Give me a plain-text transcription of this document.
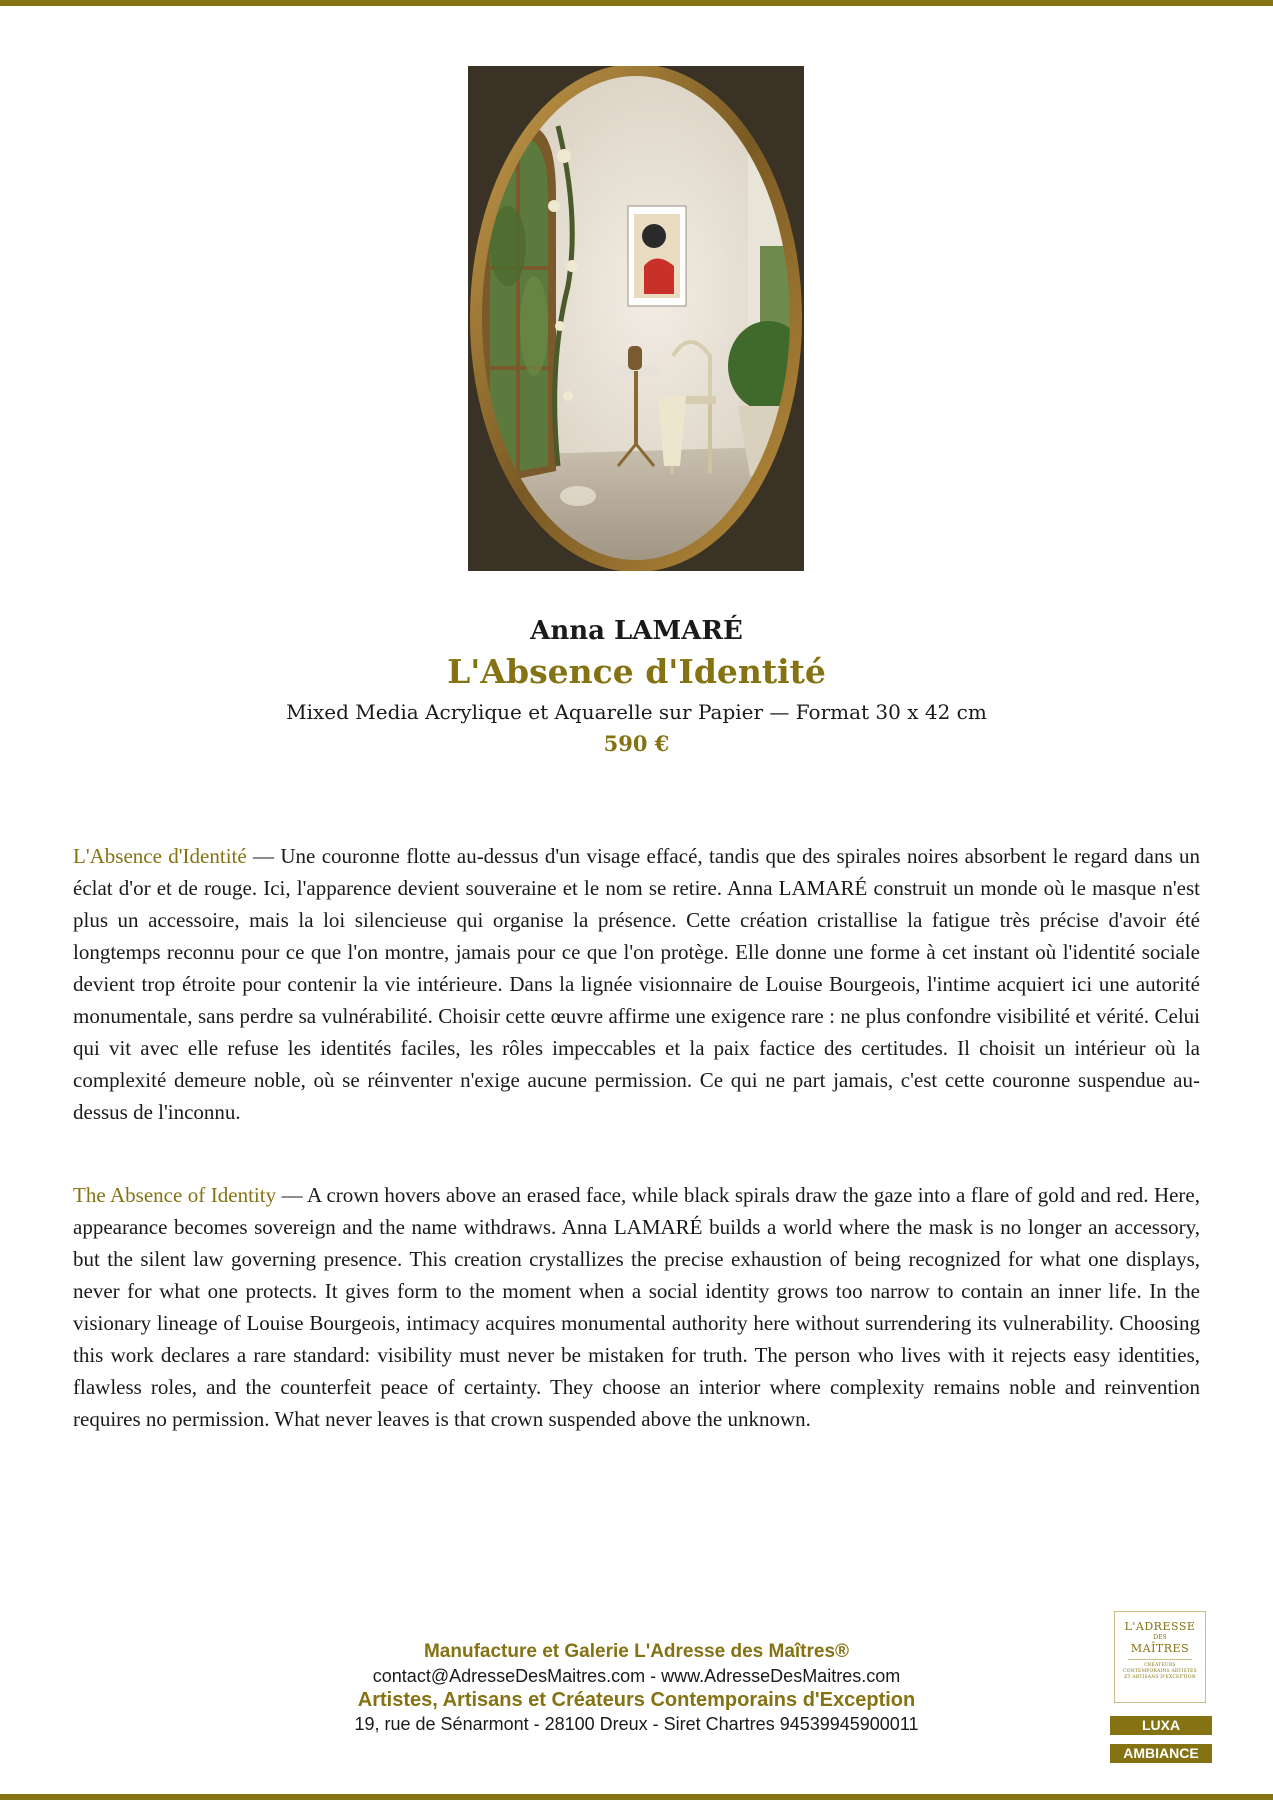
Anna LAMARÉ
L'Absence d'Identité
Mixed Media Acrylique et Aquarelle sur Papier — Format 30 x 42 cm
590 €

L'Absence d'Identité — Une couronne flotte au-dessus d'un visage effacé, tandis que des spirales noires absorbent le regard dans un éclat d'or et de rouge. Ici, l'apparence devient souveraine et le nom se retire. Anna LAMARÉ construit un monde où le masque n'est plus un accessoire, mais la loi silencieuse qui organise la présence. Cette création cristallise la fatigue très précise d'avoir été longtemps reconnu pour ce que l'on montre, jamais pour ce que l'on protège. Elle donne une forme à cet instant où l'identité sociale devient trop étroite pour contenir la vie intérieure. Dans la lignée visionnaire de Louise Bourgeois, l'intime acquiert ici une autorité monumentale, sans perdre sa vulnérabilité. Choisir cette œuvre affirme une exigence rare : ne plus confondre visibilité et vérité. Celui qui vit avec elle refuse les identités faciles, les rôles impeccables et la paix factice des certitudes. Il choisit un intérieur où la complexité demeure noble, où se réinventer n'exige aucune permission. Ce qui ne part jamais, c'est cette couronne suspendue au-dessus de l'inconnu.

The Absence of Identity — A crown hovers above an erased face, while black spirals draw the gaze into a flare of gold and red. Here, appearance becomes sovereign and the name withdraws. Anna LAMARÉ builds a world where the mask is no longer an accessory, but the silent law governing presence. This creation crystallizes the precise exhaustion of being recognized for what one displays, never for what one protects. It gives form to the moment when a social identity grows too narrow to contain an inner life. In the visionary lineage of Louise Bourgeois, intimacy acquires monumental authority here without surrendering its vulnerability. Choosing this work declares a rare standard: visibility must never be mistaken for truth. The person who lives with it rejects easy identities, flawless roles, and the counterfeit peace of certainty. They choose an interior where complexity remains noble and reinvention requires no permission. What never leaves is that crown suspended above the unknown.

Manufacture et Galerie L'Adresse des Maîtres®
contact@AdresseDesMaitres.com - www.AdresseDesMaitres.com
Artistes, Artisans et Créateurs Contemporains d'Exception
19, rue de Sénarmont - 28100 Dreux - Siret Chartres 94539945900011
L'ADRESSE
DES
MAÎTRES
CRÉATEURS CONTEMPORAINS ARTISTES ET ARTISANS D'EXCEPTION
LUXA
AMBIANCE
